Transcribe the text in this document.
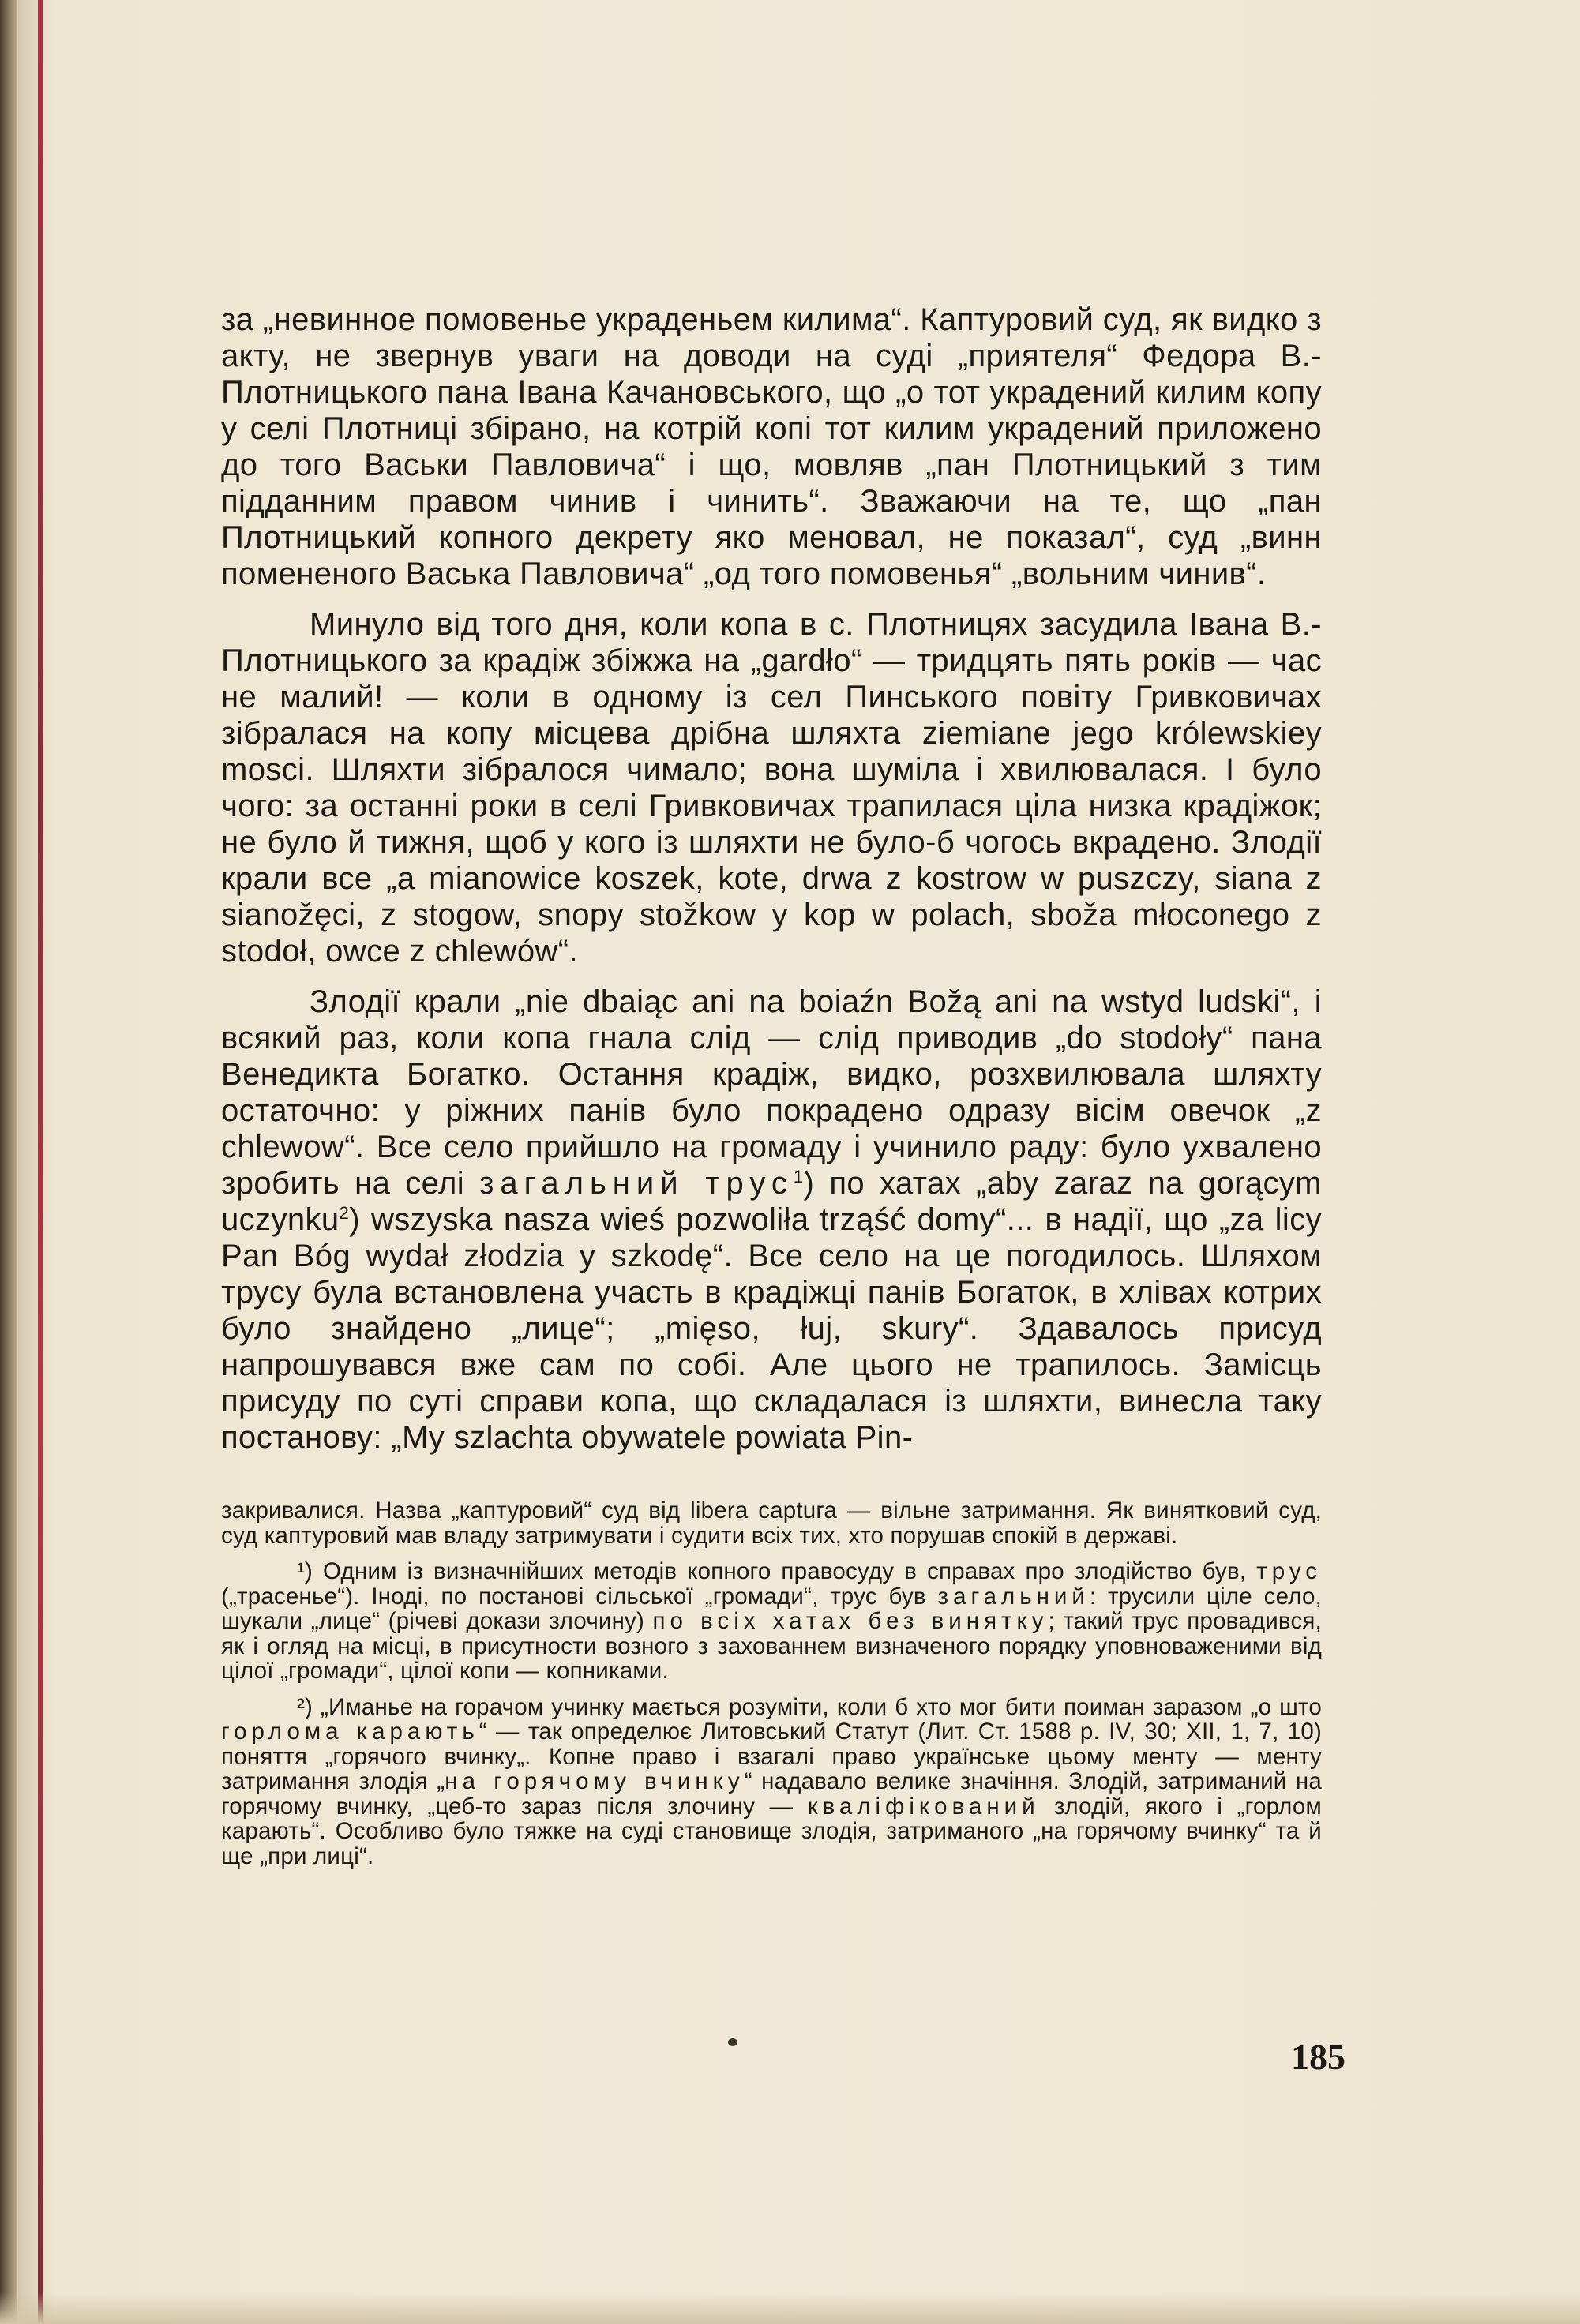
за „невинное помовенье украденьем килима“. Каптуровий суд, як видко з акту, не звернув уваги на доводи на суді „приятеля“ Федора В.-Плотницького пана Івана Качановського, що „о тот украдений килим копу у селі Плотниці збірано, на котрій копі тот килим украдений приложено до того Васьки Павловича“ і що, мовляв „пан Плотницький з тим підданним правом чинив і чинить“. Зважаючи на те, що „пан Плотницький копного декрету яко меновал, не показал“, суд „винн помененого Васька Павловича“ „од того помовенья“ „вольним чинив“.

Минуло від того дня, коли копа в с. Плотницях засудила Івана В.-Плотницького за крадіж збіжжа на „gardło“ — тридцять пять років — час не малий! — коли в одному із сел Пинського повіту Гривковичах зібралася на копу місцева дрібна шляхта ziemiane jego królewskiey mosci. Шляхти зібралося чимало; вона шуміла і хвилювалася. І було чого: за останні роки в селі Гривковичах трапилася ціла низка крадіжок; не було й тижня, щоб у кого із шляхти не було-б чогось вкрадено. Злодії крали все „a mianowice koszek, kote, drwa z kostrow w puszczy, siana z sianožęci, z stogow, snopy stožkow y kop w polach, sboža młoconego z stodoł, owce z chlewów“.

Злодії крали „nie dbaiąc ani na boiaźn Božą ani na wstyd ludski“, і всякий раз, коли копа гнала слід — слід приводив „do stodoły“ пана Венедикта Богатко. Остання крадіж, видко, розхвилювала шляхту остаточно: у ріжних панів було покрадено одразу вісім овечок „z chlewow“. Все село прийшло на громаду і учинило раду: було ухвалено зробить на селі загальний трус$^1$) по хатах „aby zaraz na gorącym uczynku$^2$) wszyska nasza wieś pozwoliła trząść domy“... в надії, що „za licy Pan Bóg wydał złodzia y szkodę“. Все село на це погодилось. Шляхом трусу була встановлена участь в крадіжці панів Богаток, в хлівах котрих було знайдено „лице“; „mięso, łuj, skury“. Здавалось присуд напрошувався вже сам по собі. Але цього не трапилось. Замісць присуду по суті справи копа, що складалася із шляхти, винесла таку постанову: „My szlachta obywatele powiata Pin-

закривалися. Назва „каптуровий“ суд від libera captura — вільне затримання. Як винятковий суд, суд каптуровий мав владу затримувати і судити всіх тих, хто порушав спокій в державі.

¹) Одним із визначнійших методів копного правосуду в справах про злодійство був, трус („трасенье“). Іноді, по постанові сільської „громади“, трус був загальний: трусили ціле село, шукали „лице“ (річеві докази злочину) по всіх хатах без винятку; такий трус провадився, як і огляд на місці, в присутности возного з захованнем визначеного порядку уповноваженими від цілої „громади“, цілої копи — копниками.

²) „Иманье на горачом учинку мається розуміти, коли б хто мог бити поиман заразом „о што горлома карають“ — так определює Литовський Статут (Лит. Ст. 1588 р. IV, 30; XII, 1, 7, 10) поняття „горячого вчинку„. Копне право і взагалі право українське цьому менту — менту затримання злодія „на горячому вчинку“ надавало велике значіння. Злодій, затриманий на горячому вчинку, „цеб-то зараз після злочину — кваліфікований злодій, якого і „горлом карають“. Особливо було тяжке на суді становище злодія, затриманого „на горячому вчинку“ та й ще „при лиці“.

185
